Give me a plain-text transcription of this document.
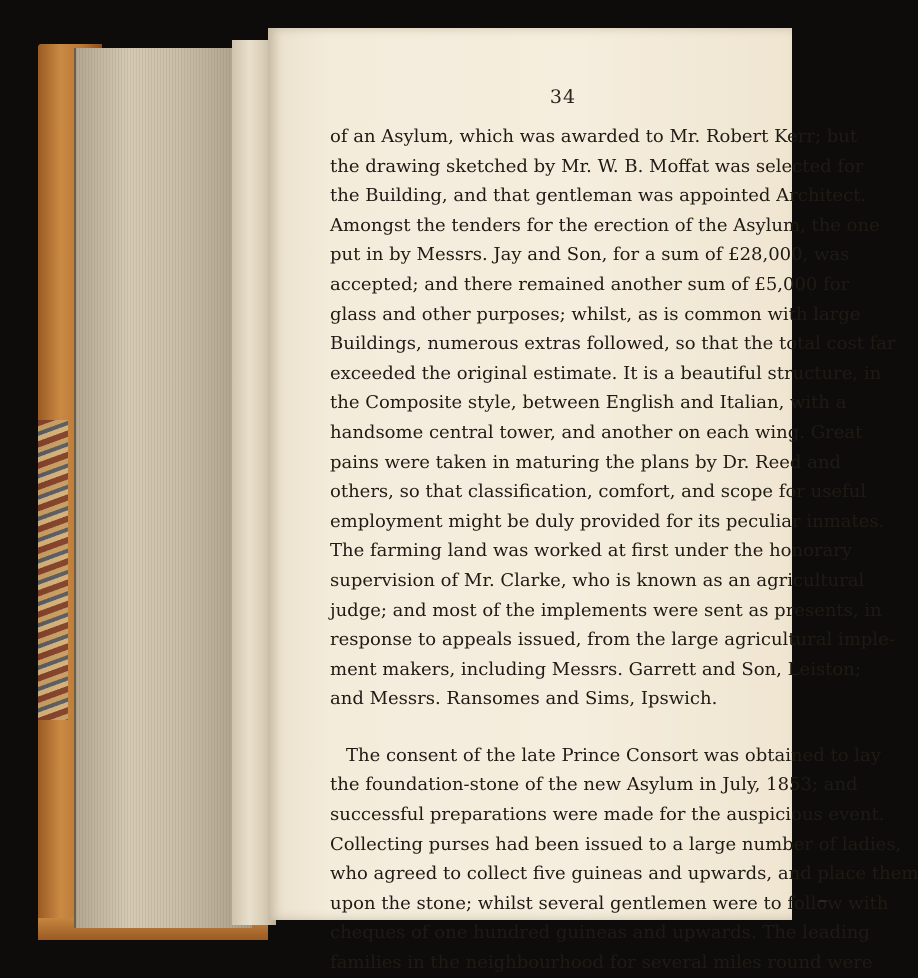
34
of an Asylum, which was awarded to Mr. Robert Kerr; but
the drawing sketched by Mr. W. B. Moffat was selected for
the Building, and that gentleman was appointed Architect.
Amongst the tenders for the erection of the Asylum, the one
put in by Messrs. Jay and Son, for a sum of £28,000, was
accepted; and there remained another sum of £5,000 for
glass and other purposes; whilst, as is common with large
Buildings, numerous extras followed, so that the total cost far
exceeded the original estimate. It is a beautiful structure, in
the Composite style, between English and Italian, with a
handsome central tower, and another on each wing. Great
pains were taken in maturing the plans by Dr. Reed and
others, so that classification, comfort, and scope for useful
employment might be duly provided for its peculiar inmates.
The farming land was worked at first under the honorary
supervision of Mr. Clarke, who is known as an agricultural
judge; and most of the implements were sent as presents, in
response to appeals issued, from the large agricultural imple-
ment makers, including Messrs. Garrett and Son, Leiston;
and Messrs. Ransomes and Sims, Ipswich.
The consent of the late Prince Consort was obtained to lay
the foundation-stone of the new Asylum in July, 1853; and
successful preparations were made for the auspicious event.
Collecting purses had been issued to a large number of ladies,
who agreed to collect five guineas and upwards, and place them
upon the stone; whilst several gentlemen were to follow with
cheques of one hundred guineas and upwards. The leading
families in the neighbourhood for several miles round were
